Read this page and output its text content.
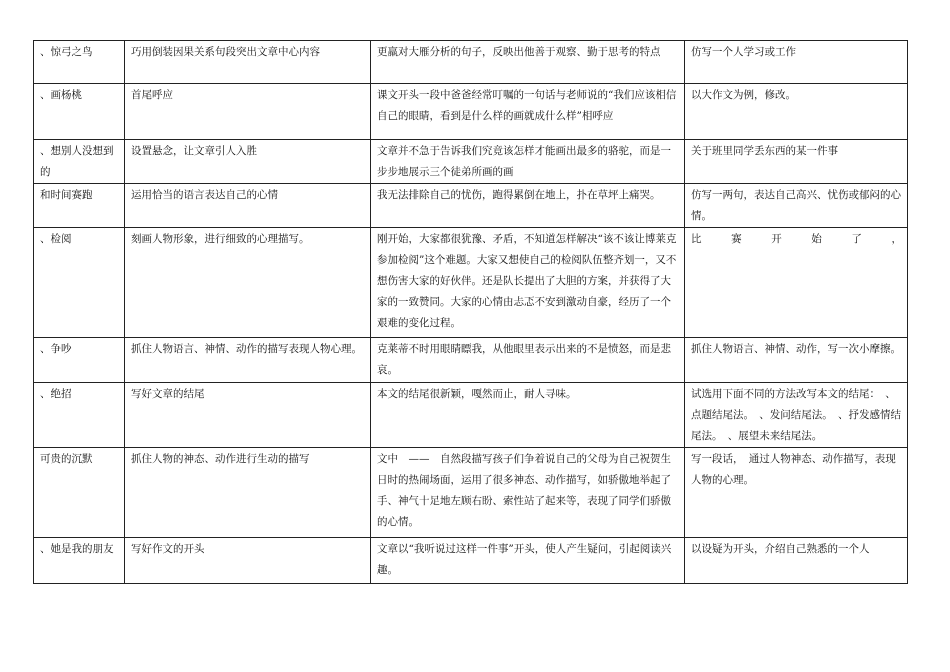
、惊弓之鸟	巧用倒装因果关系句段突出文章中心内容	更羸对大雁分析的句子，反映出他善于观察、勤于思考的特点	仿写一个人学习或工作
、画杨桃	首尾呼应	课文开头一段中爸爸经常叮嘱的一句话与老师说的“我们应该相信自己的眼睛，看到是什么样的画就成什么样”相呼应	以大作文为例，修改。
、想别人没想到的	设置悬念，让文章引人入胜	文章并不急于告诉我们究竟该怎样才能画出最多的骆驼，而是一步步地展示三个徒弟所画的画	关于班里同学丢东西的某一件事
和时间赛跑	运用恰当的语言表达自己的心情	我无法排除自己的忧伤，跑得累倒在地上，扑在草坪上痛哭。	仿写一两句，表达自己高兴、忧伤或郁闷的心情。
、检阅	刻画人物形象，进行细致的心理描写。	刚开始，大家都很犹豫、矛盾，不知道怎样解决“该不该让博莱克参加检阅”这个难题。大家又想使自己的检阅队伍整齐划一，又不想伤害大家的好伙伴。还是队长提出了大胆的方案，并获得了大家的一致赞同。大家的心情由忐忑不安到激动自豪，经历了一个艰难的变化过程。	比　赛　开　始　了　，
、争吵	抓住人物语言、神情、动作的描写表现人物心理。	克莱蒂不时用眼睛瞟我，从他眼里表示出来的不是愤怒，而是悲哀。	抓住人物语言、神情、动作，写一次小摩擦。
、绝招	写好文章的结尾	本文的结尾很新颖，嘎然而止，耐人寻味。	试选用下面不同的方法改写本文的结尾：　、点题结尾法。　、发问结尾法。　、抒发感情结尾法。　、展望未来结尾法。
可贵的沉默	抓住人物的神态、动作进行生动的描写	文中　——　自然段描写孩子们争着说自己的父母为自己祝贺生日时的热闹场面，运用了很多神态、动作描写，如骄傲地举起了手、神气十足地左顾右盼、索性站了起来等，表现了同学们骄傲的心情。	写一段话，　通过人物神态、动作描写，表现人物的心理。
、她是我的朋友	写好作文的开头	文章以“我听说过这样一件事”开头，使人产生疑问，引起阅读兴趣。	以设疑为开头，介绍自己熟悉的一个人
